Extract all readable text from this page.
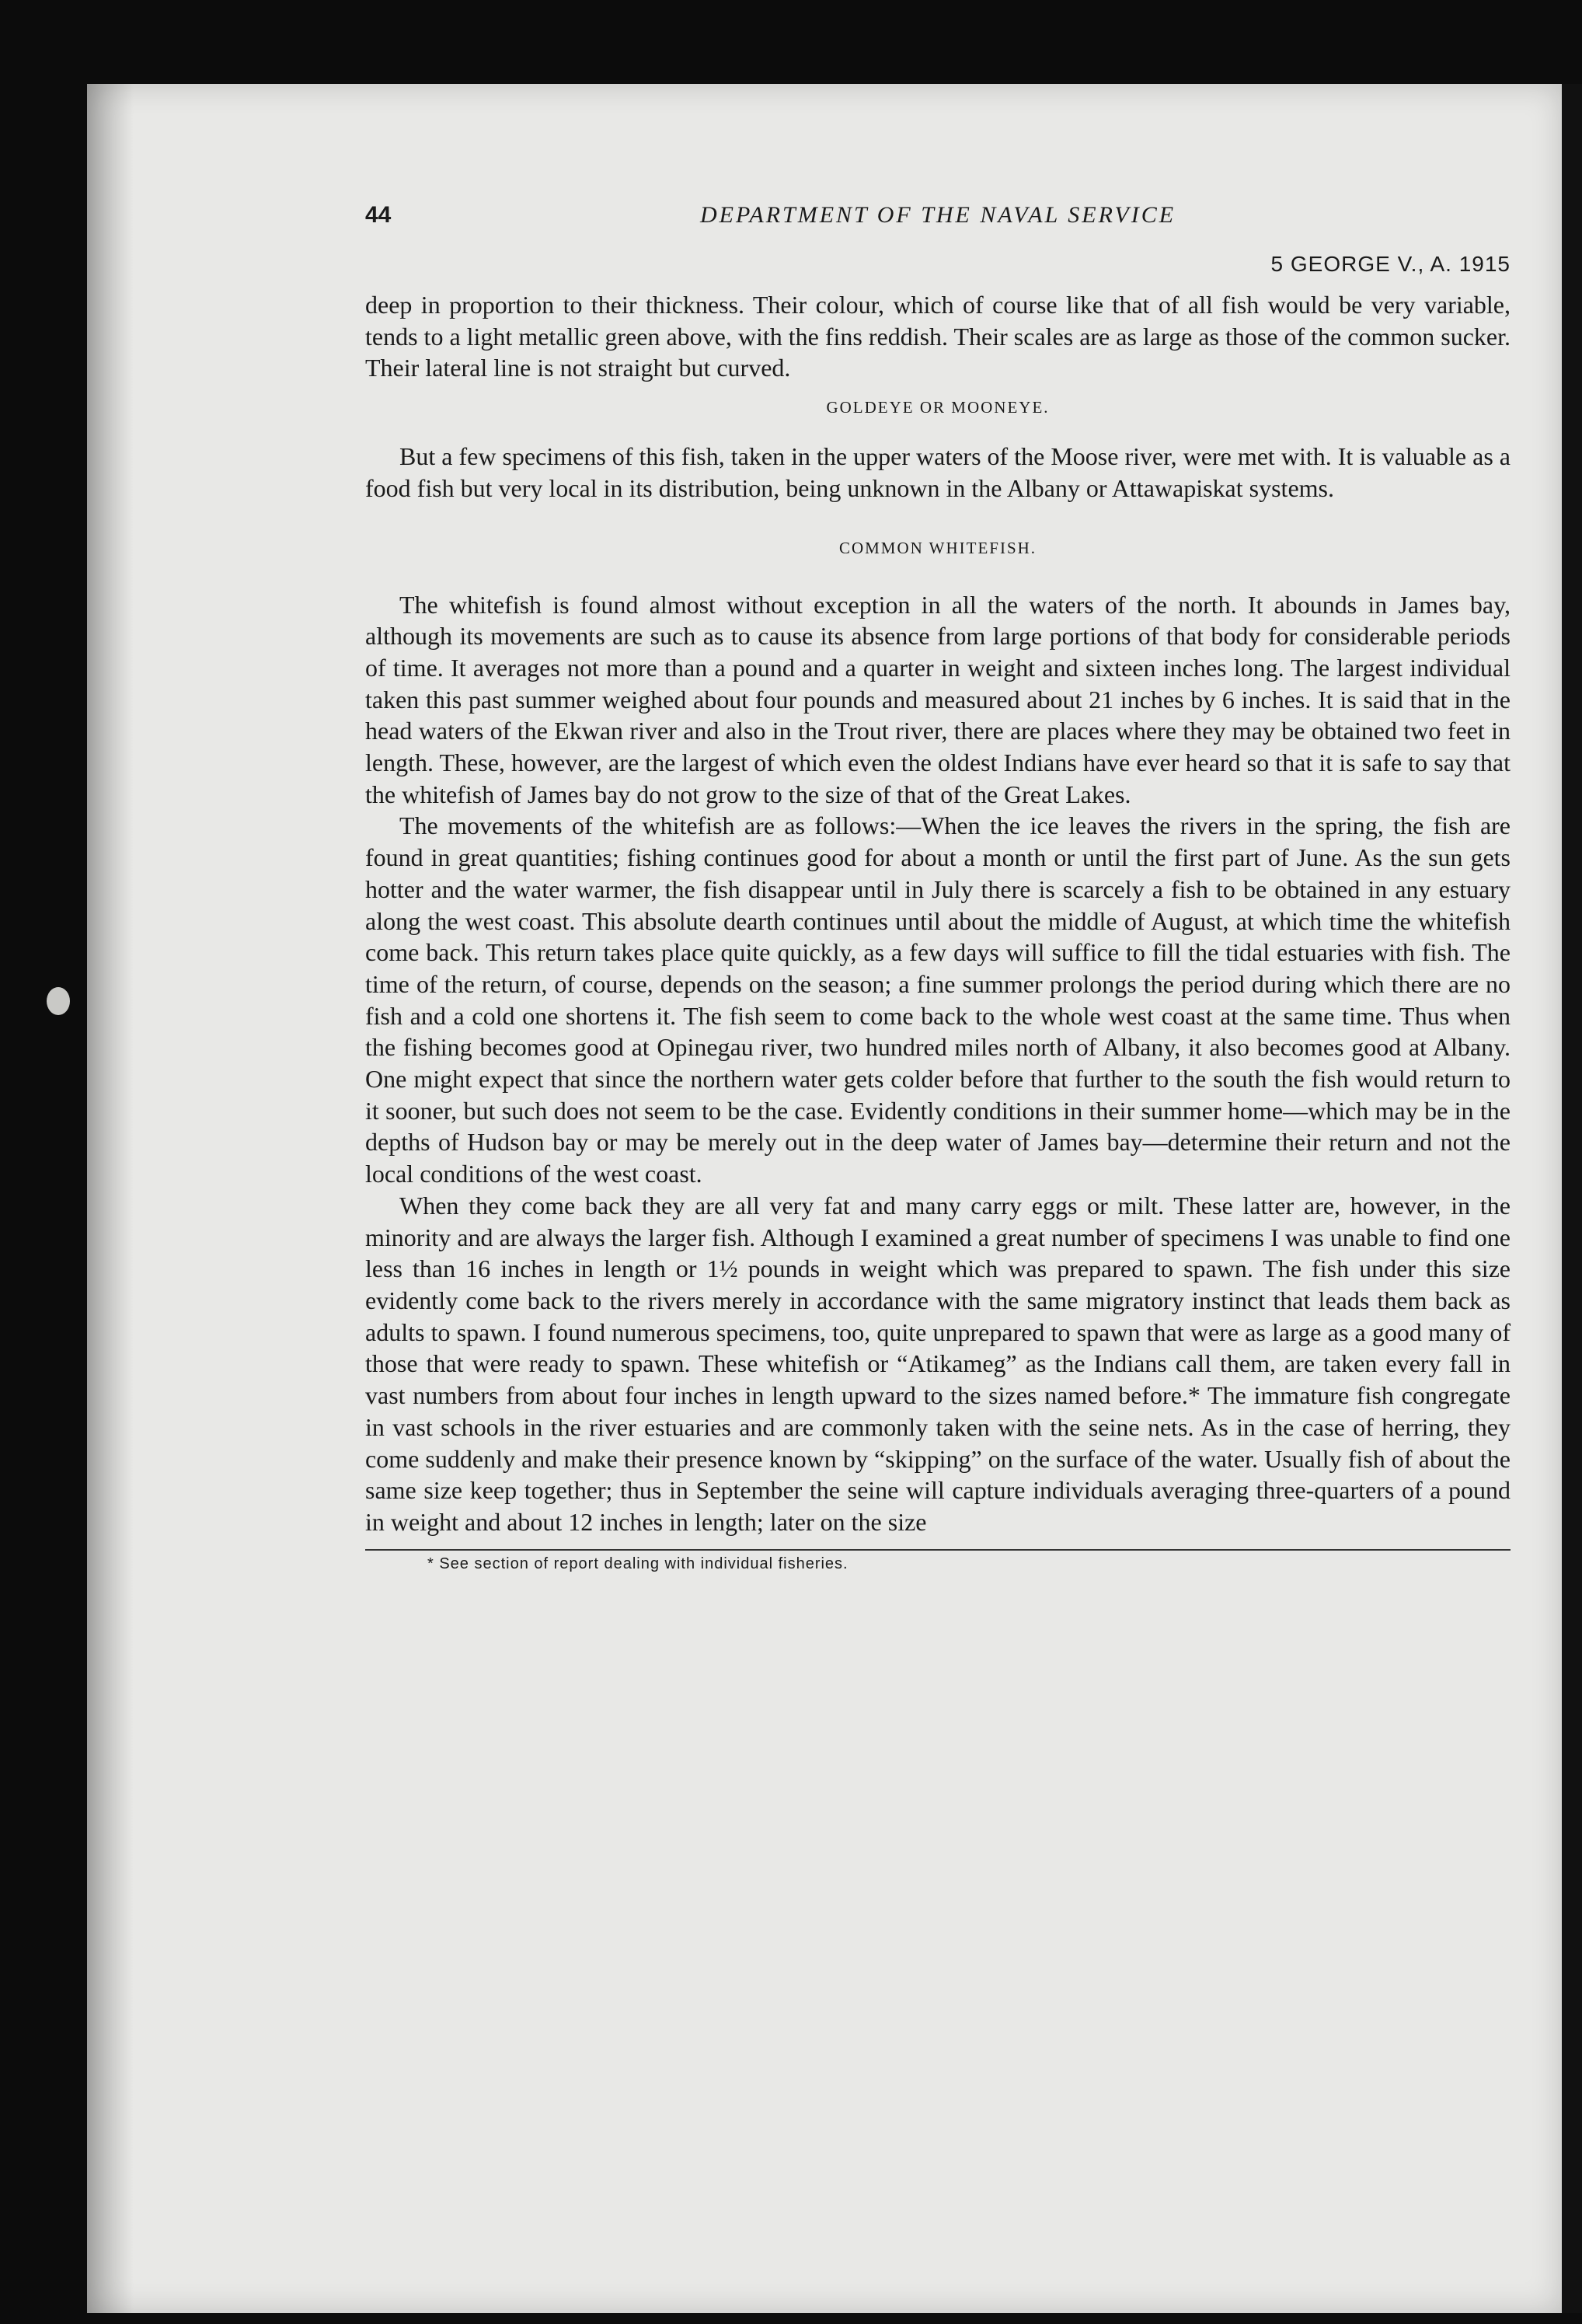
44	DEPARTMENT OF THE NAVAL SERVICE
5 GEORGE V., A. 1915

deep in proportion to their thickness. Their colour, which of course like that of all fish would be very variable, tends to a light metallic green above, with the fins reddish. Their scales are as large as those of the common sucker. Their lateral line is not straight but curved.

GOLDEYE OR MOONEYE.

But a few specimens of this fish, taken in the upper waters of the Moose river, were met with. It is valuable as a food fish but very local in its distribution, being unknown in the Albany or Attawapiskat systems.

COMMON WHITEFISH.

The whitefish is found almost without exception in all the waters of the north. It abounds in James bay, although its movements are such as to cause its absence from large portions of that body for considerable periods of time. It averages not more than a pound and a quarter in weight and sixteen inches long. The largest individual taken this past summer weighed about four pounds and measured about 21 inches by 6 inches. It is said that in the head waters of the Ekwan river and also in the Trout river, there are places where they may be obtained two feet in length. These, however, are the largest of which even the oldest Indians have ever heard so that it is safe to say that the whitefish of James bay do not grow to the size of that of the Great Lakes.

The movements of the whitefish are as follows:—When the ice leaves the rivers in the spring, the fish are found in great quantities; fishing continues good for about a month or until the first part of June. As the sun gets hotter and the water warmer, the fish disappear until in July there is scarcely a fish to be obtained in any estuary along the west coast. This absolute dearth continues until about the middle of August, at which time the whitefish come back. This return takes place quite quickly, as a few days will suffice to fill the tidal estuaries with fish. The time of the return, of course, depends on the season; a fine summer prolongs the period during which there are no fish and a cold one shortens it. The fish seem to come back to the whole west coast at the same time. Thus when the fishing becomes good at Opinegau river, two hundred miles north of Albany, it also becomes good at Albany. One might expect that since the northern water gets colder before that further to the south the fish would return to it sooner, but such does not seem to be the case. Evidently conditions in their summer home—which may be in the depths of Hudson bay or may be merely out in the deep water of James bay—determine their return and not the local conditions of the west coast.

When they come back they are all very fat and many carry eggs or milt. These latter are, however, in the minority and are always the larger fish. Although I examined a great number of specimens I was unable to find one less than 16 inches in length or 1½ pounds in weight which was prepared to spawn. The fish under this size evidently come back to the rivers merely in accordance with the same migratory instinct that leads them back as adults to spawn. I found numerous specimens, too, quite unprepared to spawn that were as large as a good many of those that were ready to spawn. These whitefish or “Atikameg” as the Indians call them, are taken every fall in vast numbers from about four inches in length upward to the sizes named before.* The immature fish congregate in vast schools in the river estuaries and are commonly taken with the seine nets. As in the case of herring, they come suddenly and make their presence known by “skipping” on the surface of the water. Usually fish of about the same size keep together; thus in September the seine will capture individuals averaging three-quarters of a pound in weight and about 12 inches in length; later on the size

* See section of report dealing with individual fisheries.
